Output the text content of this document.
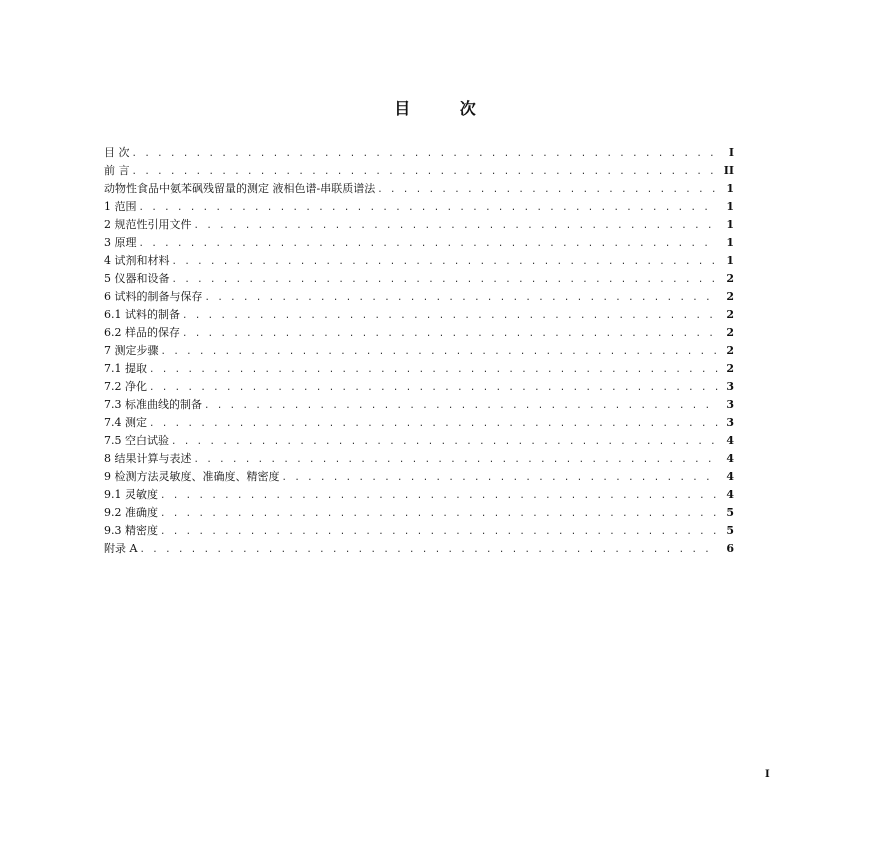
目 次
目 次 . . .	I
前 言 . . .	II
动物性食品中氨苯砜残留量的测定 液相色谱-串联质谱法 . . .	1
1 范围 . . .	1
2 规范性引用文件 . . .	1
3 原理 . . .	1
4 试剂和材料 . . .	1
5 仪器和设备 . . .	2
6 试料的制备与保存 . . .	2
6.1 试料的制备 . . .	2
6.2 样品的保存 . . .	2
7 测定步骤 . . .	2
7.1 提取 . . .	2
7.2 净化 . . .	3
7.3 标准曲线的制备 . . .	3
7.4 测定 . . .	3
7.5 空白试验 . . .	4
8 结果计算与表述 . . .	4
9 检测方法灵敏度、准确度、精密度 . . .	4
9.1 灵敏度 . . .	4
9.2 准确度 . . .	5
9.3 精密度 . . .	5
附录 A . . .	6
I
